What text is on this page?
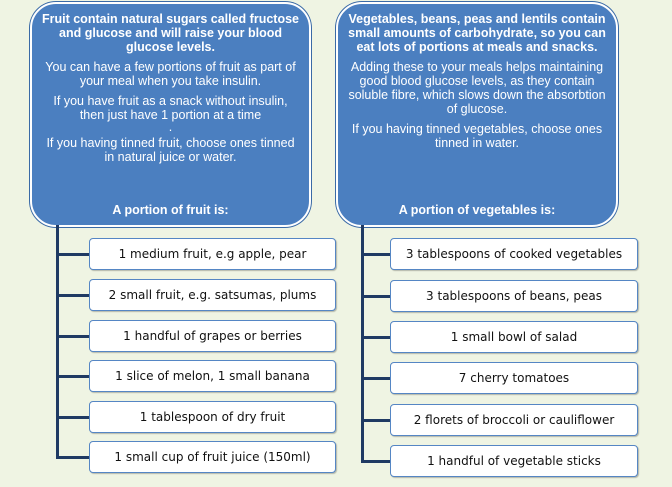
Fruit contain natural sugars called fructose and glucose and will raise your blood glucose levels.

You can have a few portions of fruit as part of your meal when you take insulin.

If you have fruit as a snack without insulin, then just have 1 portion at a time

.

If you having tinned fruit, choose ones tinned in natural juice or water.

A portion of fruit is:
Vegetables, beans, peas and lentils contain small amounts of carbohydrate, so you can eat lots of portions at meals and snacks.

Adding these to your meals helps maintaining good blood glucose levels, as they contain soluble fibre, which slows down the absorbtion of glucose.

If you having tinned vegetables, choose ones tinned in water.

A portion of vegetables is:
1 medium fruit, e.g apple, pear
2 small fruit, e.g. satsumas, plums
1 handful of grapes or berries
1 slice of melon, 1 small banana
1 tablespoon of dry fruit
1 small cup of fruit juice (150ml)
3 tablespoons of cooked vegetables
3 tablespoons of beans, peas
1 small bowl of salad
7 cherry tomatoes
2 florets of broccoli or cauliflower
1 handful of vegetable sticks
